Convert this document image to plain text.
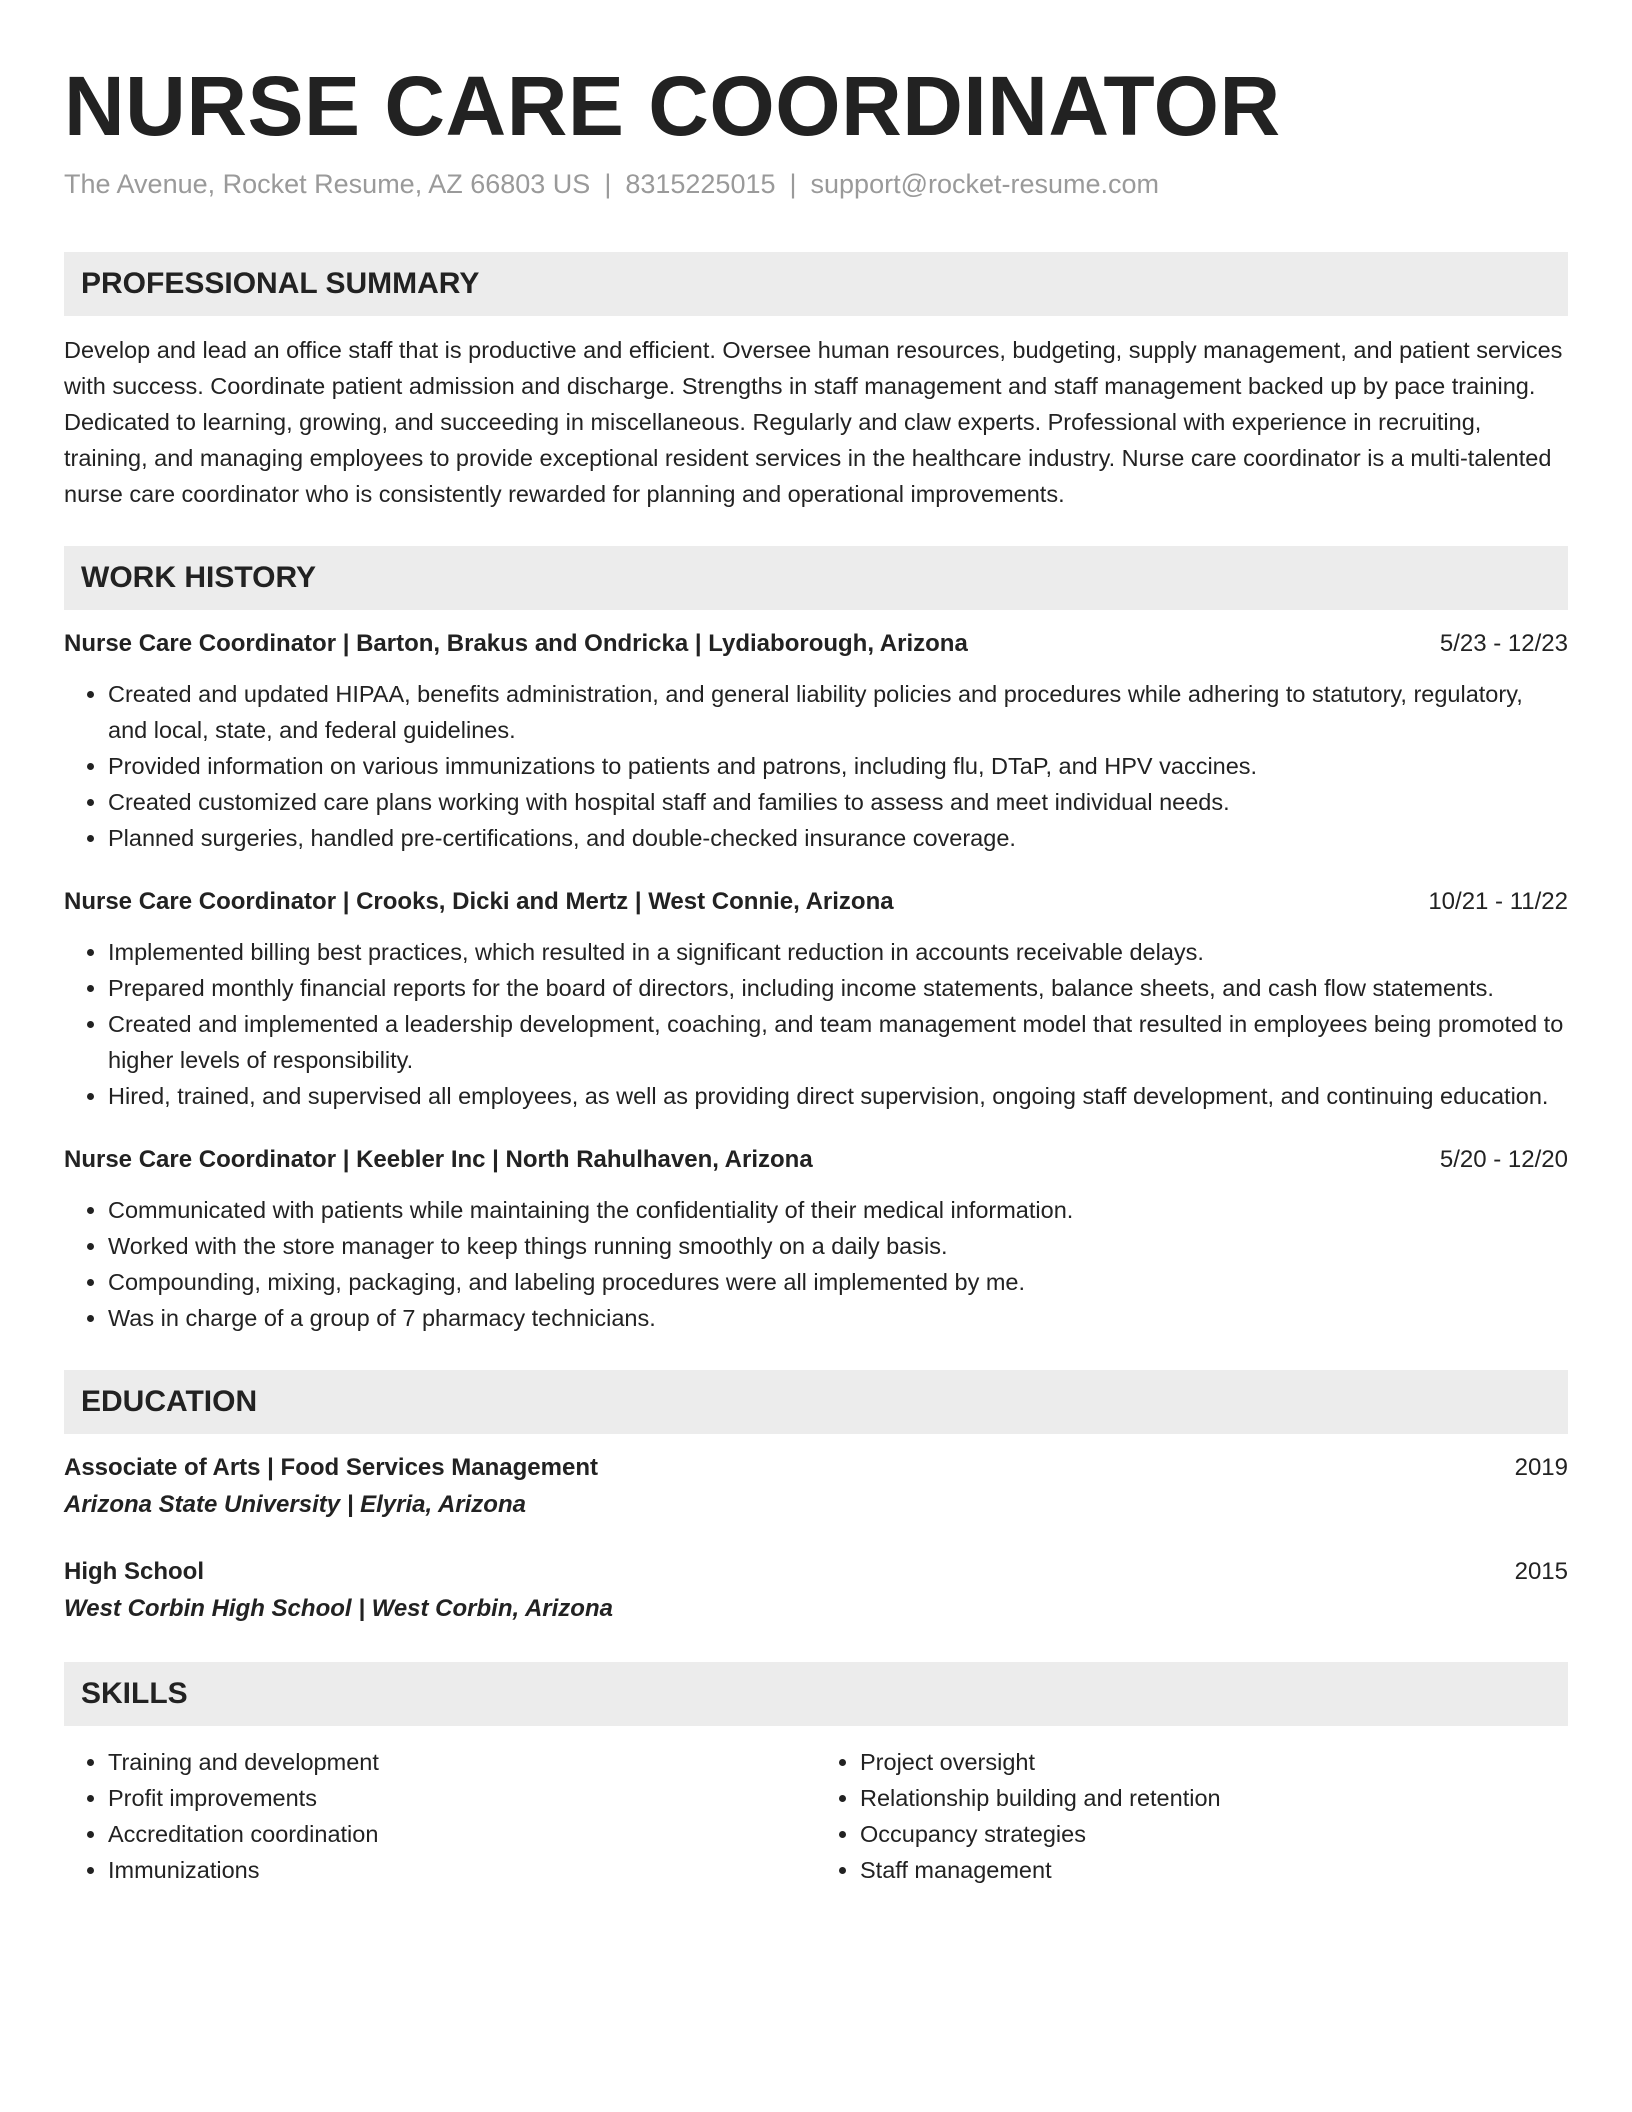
NURSE CARE COORDINATOR
The Avenue, Rocket Resume, AZ 66803 US | 8315225015 | support@rocket-resume.com
PROFESSIONAL SUMMARY

Develop and lead an office staff that is productive and efficient. Oversee human resources, budgeting, supply management, and patient services with success. Coordinate patient admission and discharge. Strengths in staff management and staff management backed up by pace training. Dedicated to learning, growing, and succeeding in miscellaneous. Regularly and claw experts. Professional with experience in recruiting, training, and managing employees to provide exceptional resident services in the healthcare industry. Nurse care coordinator is a multi-talented nurse care coordinator who is consistently rewarded for planning and operational improvements.

WORK HISTORY
Nurse Care Coordinator | Barton, Brakus and Ondricka | Lydiaborough, Arizona	5/23 - 12/23
• Created and updated HIPAA, benefits administration, and general liability policies and procedures while adhering to statutory, regulatory, and local, state, and federal guidelines.
• Provided information on various immunizations to patients and patrons, including flu, DTaP, and HPV vaccines.
• Created customized care plans working with hospital staff and families to assess and meet individual needs.
• Planned surgeries, handled pre-certifications, and double-checked insurance coverage.
Nurse Care Coordinator | Crooks, Dicki and Mertz | West Connie, Arizona	10/21 - 11/22
• Implemented billing best practices, which resulted in a significant reduction in accounts receivable delays.
• Prepared monthly financial reports for the board of directors, including income statements, balance sheets, and cash flow statements.
• Created and implemented a leadership development, coaching, and team management model that resulted in employees being promoted to higher levels of responsibility.
• Hired, trained, and supervised all employees, as well as providing direct supervision, ongoing staff development, and continuing education.
Nurse Care Coordinator | Keebler Inc | North Rahulhaven, Arizona	5/20 - 12/20
• Communicated with patients while maintaining the confidentiality of their medical information.
• Worked with the store manager to keep things running smoothly on a daily basis.
• Compounding, mixing, packaging, and labeling procedures were all implemented by me.
• Was in charge of a group of 7 pharmacy technicians.
EDUCATION
Associate of Arts | Food Services Management	2019
Arizona State University | Elyria, Arizona
High School	2015
West Corbin High School | West Corbin, Arizona
SKILLS
• Training and development
• Profit improvements
• Accreditation coordination
• Immunizations
• Project oversight
• Relationship building and retention
• Occupancy strategies
• Staff management
